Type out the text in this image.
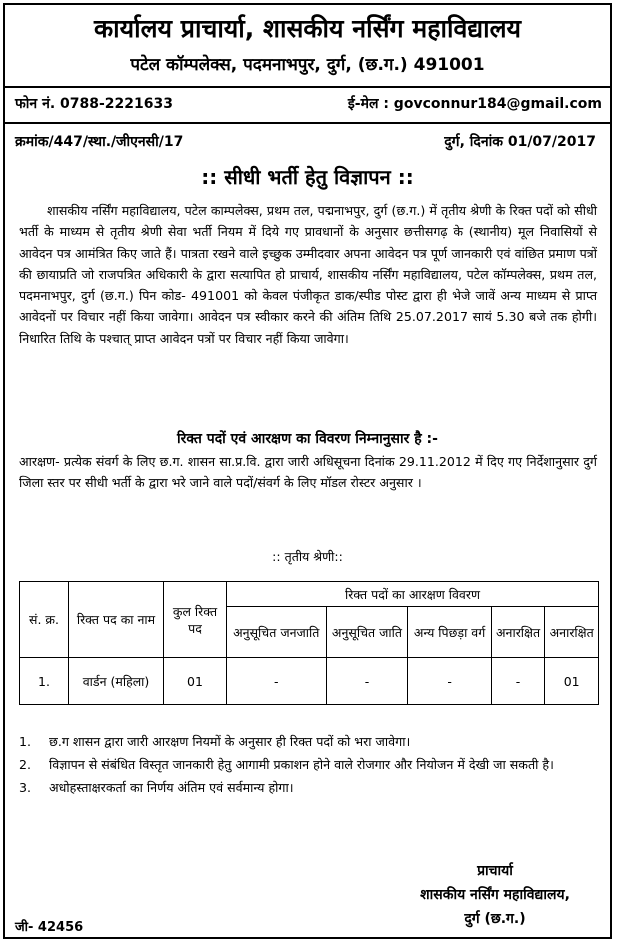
कार्यालय प्राचार्या, शासकीय नर्सिंग महाविद्यालय
पटेल कॉम्पलेक्स, पदमनाभपुर, दुर्ग, (छ.ग.) 491001
फोन नं. 0788-2221633	ई-मेल : govconnur184@gmail.com
क्रमांक/447/स्था./जीएनसी/17	दुर्ग, दिनांक 01/07/2017
:: सीधी भर्ती हेतु विज्ञापन ::
शासकीय नर्सिंग महाविद्यालय, पटेल काम्पलेक्स, प्रथम तल, पद्मनाभपुर, दुर्ग (छ.ग.) में तृतीय श्रेणी के रिक्त पदों को सीधी भर्ती के माध्यम से तृतीय श्रेणी सेवा भर्ती नियम में दिये गए प्रावधानों के अनुसार छत्तीसगढ़ के (स्थानीय) मूल निवासियों से आवेदन पत्र आमंत्रित किए जाते हैं। पात्रता रखने वाले इच्छुक उम्मीदवार अपना आवेदन पत्र पूर्ण जानकारी एवं वांछित प्रमाण पत्रों की छायाप्रति जो राजपत्रित अधिकारी के द्वारा सत्यापित हो प्राचार्य, शासकीय नर्सिंग महाविद्यालय, पटेल कॉम्पलेक्स, प्रथम तल, पदमनाभपुर, दुर्ग (छ.ग.) पिन कोड- 491001 को केवल पंजीकृत डाक/स्पीड पोस्ट द्वारा ही भेजे जावें अन्य माध्यम से प्राप्त आवेदनों पर विचार नहीं किया जावेगा। आवेदन पत्र स्वीकार करने की अंतिम तिथि 25.07.2017 सायं 5.30 बजे तक होगी। निधारित तिथि के पश्चात् प्राप्त आवेदन पत्रों पर विचार नहीं किया जावेगा।
रिक्त पदों एवं आरक्षण का विवरण निम्नानुसार है :-
आरक्षण- प्रत्येक संवर्ग के लिए छ.ग. शासन सा.प्र.वि. द्वारा जारी अधिसूचना दिनांक 29.11.2012 में दिए गए निर्देशानुसार दुर्ग जिला स्तर पर सीधी भर्ती के द्वारा भरे जाने वाले पदों/संवर्ग के लिए मॉडल रोस्टर अनुसार ।
:: तृतीय श्रेणी::
सं. क्र.	रिक्त पद का नाम	कुल रिक्त पद	रिक्त पदों का आरक्षण विवरण				
			अनुसूचित जनजाति	अनुसूचित जाति	अन्य पिछड़ा वर्ग	अनारक्षित	अनारक्षित
1.	वार्डन (महिला)	01	-	-	-	-	01
1.	छ.ग शासन द्वारा जारी आरक्षण नियमों के अनुसार ही रिक्त पदों को भरा जावेगा।
2.	विज्ञापन से संबंधित विस्तृत जानकारी हेतु आगामी प्रकाशन होने वाले रोजगार और नियोजन में देखी जा सकती है।
3.	अधोहस्ताक्षरकर्ता का निर्णय अंतिम एवं सर्वमान्य होगा।
प्राचार्या
शासकीय नर्सिंग महाविद्यालय,
दुर्ग (छ.ग.)
जी- 42456
